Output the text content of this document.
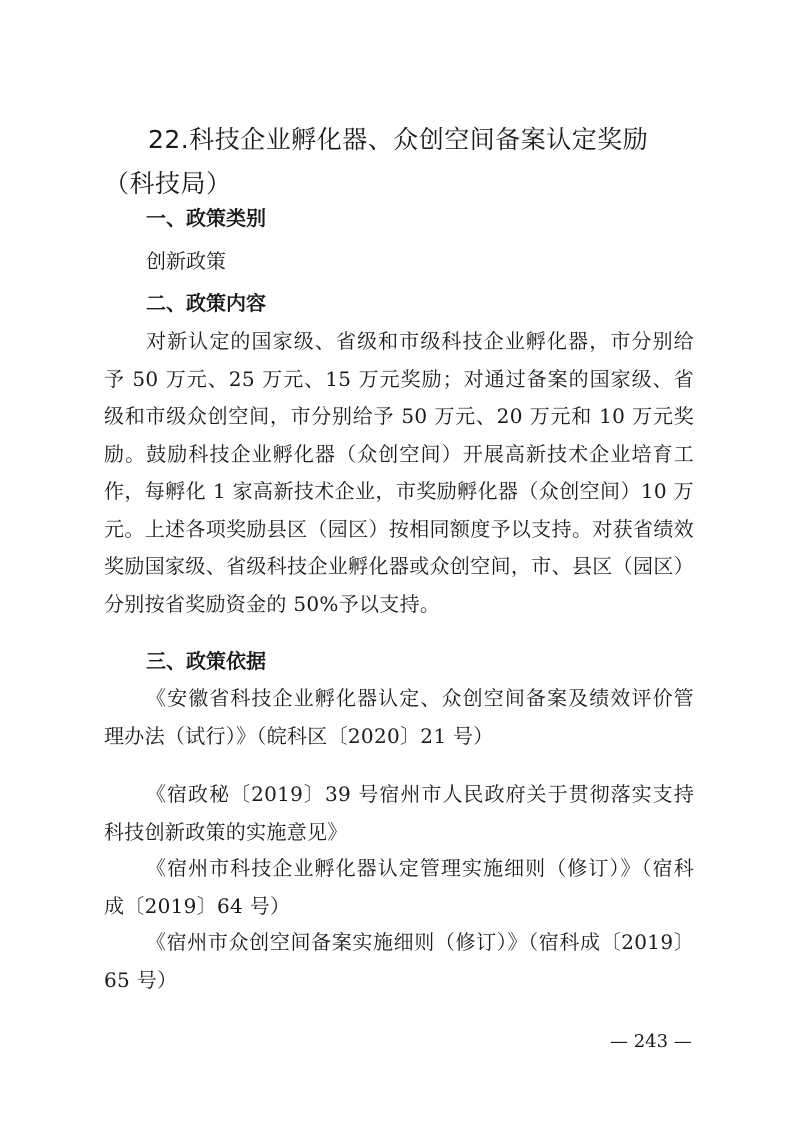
22.科技企业孵化器、众创空间备案认定奖励（科技局）
一、政策类别

创新政策

二、政策内容

对新认定的国家级、省级和市级科技企业孵化器，市分别给予 50 万元、25 万元、15 万元奖励；对通过备案的国家级、省级和市级众创空间，市分别给予 50 万元、20 万元和 10 万元奖励。鼓励科技企业孵化器（众创空间）开展高新技术企业培育工作，每孵化 1 家高新技术企业，市奖励孵化器（众创空间）10 万元。上述各项奖励县区（园区）按相同额度予以支持。对获省绩效奖励国家级、省级科技企业孵化器或众创空间，市、县区（园区）分别按省奖励资金的 50%予以支持。

三、政策依据

《安徽省科技企业孵化器认定、众创空间备案及绩效评价管理办法（试行）》（皖科区〔2020〕21 号）

《宿政秘〔2019〕39 号宿州市人民政府关于贯彻落实支持科技创新政策的实施意见》

《宿州市科技企业孵化器认定管理实施细则（修订）》（宿科成〔2019〕64 号）

《宿州市众创空间备案实施细则（修订）》（宿科成〔2019〕65 号）

— 243 —
